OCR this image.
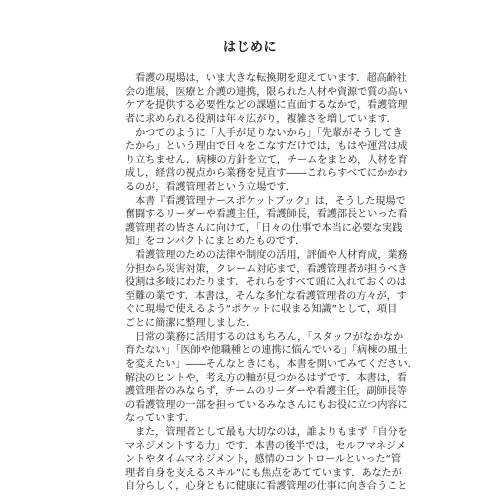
はじめに
　看護の現場は，いま大きな転換期を迎えています．超高齢社
会の進展，医療と介護の連携，限られた人材や資源で質の高い
ケアを提供する必要性などの課題に直面するなかで，看護管理
者に求められる役割は年々広がり，複雑さを増しています．
　かつてのように「人手が足りないから」「先輩がそうしてき
たから」という理由で日々をこなすだけでは，もはや運営は成
り立ちません．病棟の方針を立て，チームをまとめ，人材を育
成し，経営の視点から業務を見直す――これらすべてにかかわ
るのが，看護管理者という立場です．
　本書『看護管理ナースポケットブック』は，そうした現場で
奮闘するリーダーや看護主任，看護師長，看護部長といった看
護管理者の皆さんに向けて，「日々の仕事で本当に必要な実践
知」をコンパクトにまとめたものです．
　看護管理のための法律や制度の活用，評価や人材育成，業務
分担から災害対策，クレーム対応まで，看護管理者が担うべき
役割は多岐にわたります．それらをすべて頭に入れておくのは
至難の業です．本書は，そんな多忙な看護管理者の方々が，す
ぐに現場で使えるよう“ポケットに収まる知識”として，項目
ごとに簡潔に整理しました．
　日常の業務に活用するのはもちろん，「スタッフがなかなか
育たない」「医師や他職種との連携に悩んでいる」「病棟の風土
を変えたい」――そんなときにも，本書を開いてみてください．
解決のヒントや，考え方の軸が見つかるはずです．本書は，看
護管理者のみならず，チームのリーダーや看護主任，副師長等
の看護管理の一部を担っているみなさんにもお役に立つ内容に
なっています．
　また，管理者として最も大切なのは，誰よりもまず「自分を
マネジメントする力」です．本書の後半では，セルフマネジメ
ントやタイムマネジメント，感情のコントロールといった“管
理者自身を支えるスキル”にも焦点をあてています．あなたが
自分らしく，心身ともに健康に看護管理の仕事に向き合うこと
